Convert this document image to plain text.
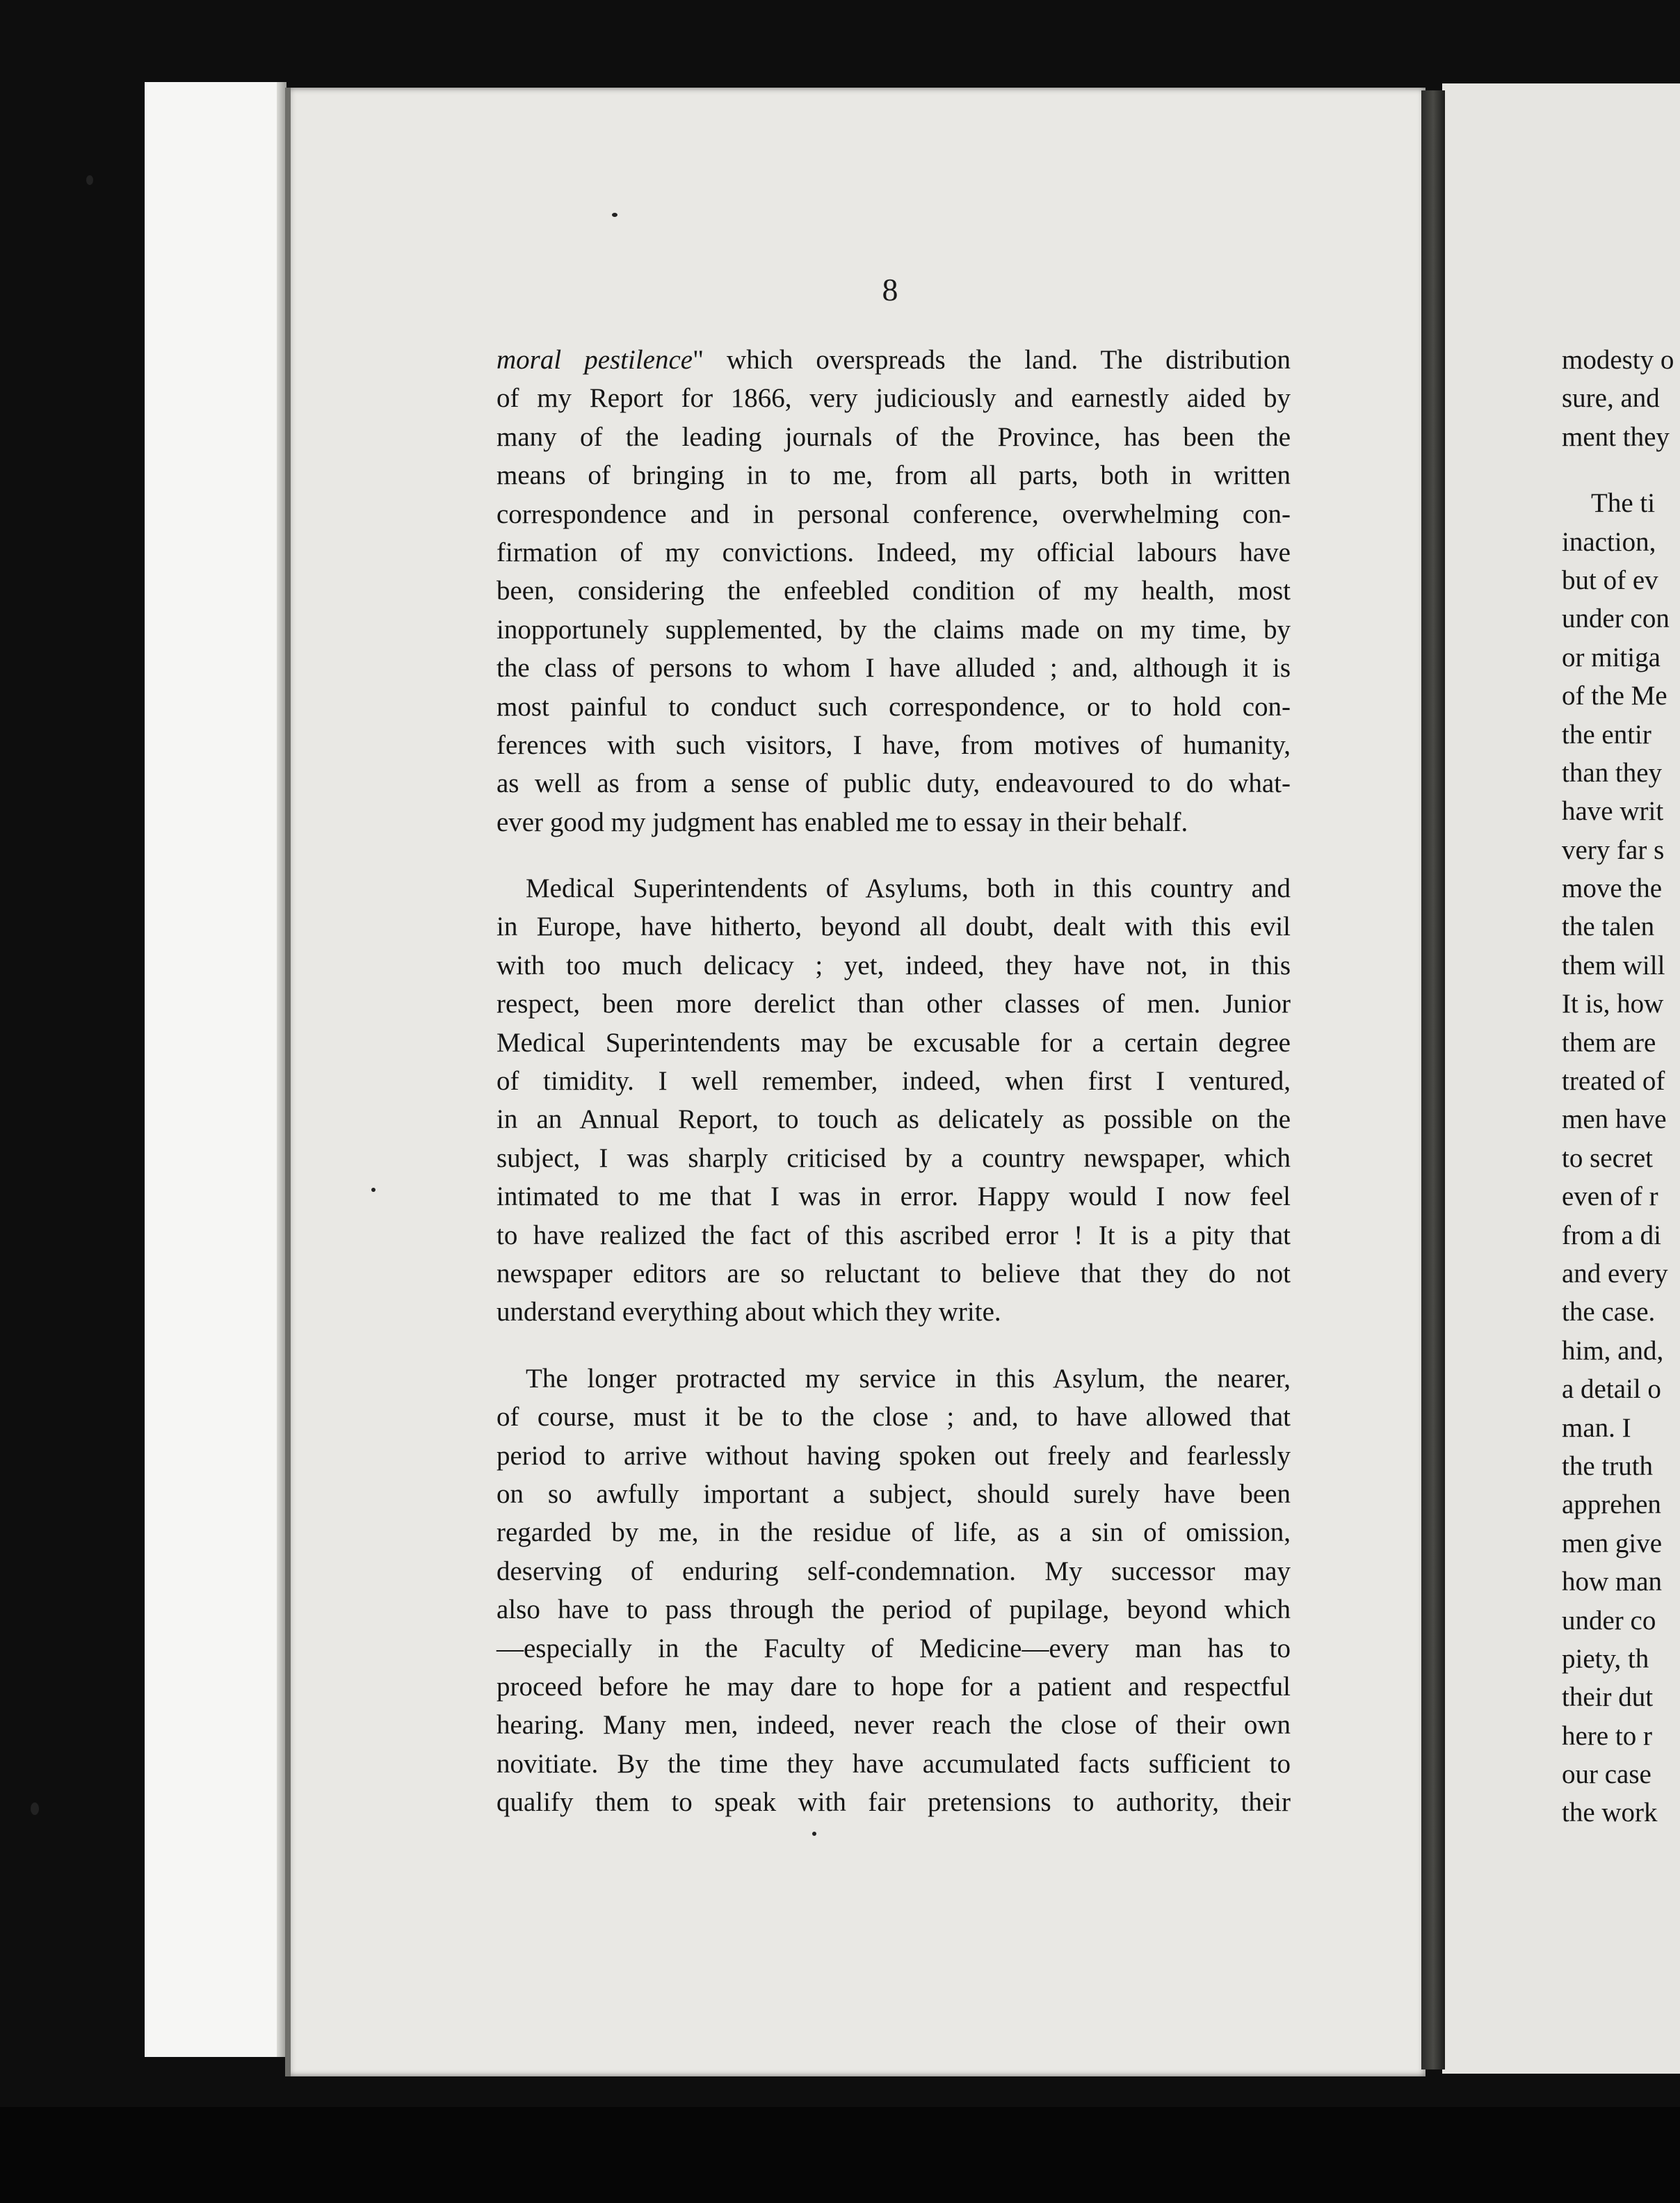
8
moral pestilence" which overspreads the land. The distribution
of my Report for 1866, very judiciously and earnestly aided by
many of the leading journals of the Province, has been the
means of bringing in to me, from all parts, both in written
correspondence and in personal conference, overwhelming con-
firmation of my convictions. Indeed, my official labours have
been, considering the enfeebled condition of my health, most
inopportunely supplemented, by the claims made on my time, by
the class of persons to whom I have alluded ; and, although it is
most painful to conduct such correspondence, or to hold con-
ferences with such visitors, I have, from motives of humanity,
as well as from a sense of public duty, endeavoured to do what-
ever good my judgment has enabled me to essay in their behalf.
Medical Superintendents of Asylums, both in this country and
in Europe, have hitherto, beyond all doubt, dealt with this evil
with too much delicacy ; yet, indeed, they have not, in this
respect, been more derelict than other classes of men. Junior
Medical Superintendents may be excusable for a certain degree
of timidity. I well remember, indeed, when first I ventured,
in an Annual Report, to touch as delicately as possible on the
subject, I was sharply criticised by a country newspaper, which
intimated to me that I was in error. Happy would I now feel
to have realized the fact of this ascribed error ! It is a pity that
newspaper editors are so reluctant to believe that they do not
understand everything about which they write.
The longer protracted my service in this Asylum, the nearer,
of course, must it be to the close ; and, to have allowed that
period to arrive without having spoken out freely and fearlessly
on so awfully important a subject, should surely have been
regarded by me, in the residue of life, as a sin of omission,
deserving of enduring self-condemnation. My successor may
also have to pass through the period of pupilage, beyond which
—especially in the Faculty of Medicine—every man has to
proceed before he may dare to hope for a patient and respectful
hearing. Many men, indeed, never reach the close of their own
novitiate. By the time they have accumulated facts sufficient to
qualify them to speak with fair pretensions to authority, their
modesty o
sure, and
ment they
The ti
inaction,
but of ev
under con
or mitiga
of the Me
the entir
than they
have writ
very far s
move the
the talen
them will
It is, how
them are
treated of
men have
to secret
even of r
from a di
and every
the case.
him, and,
a detail o
man. I
the truth
apprehen
men give
how man
under co
piety, th
their dut
here to r
our case
the work
